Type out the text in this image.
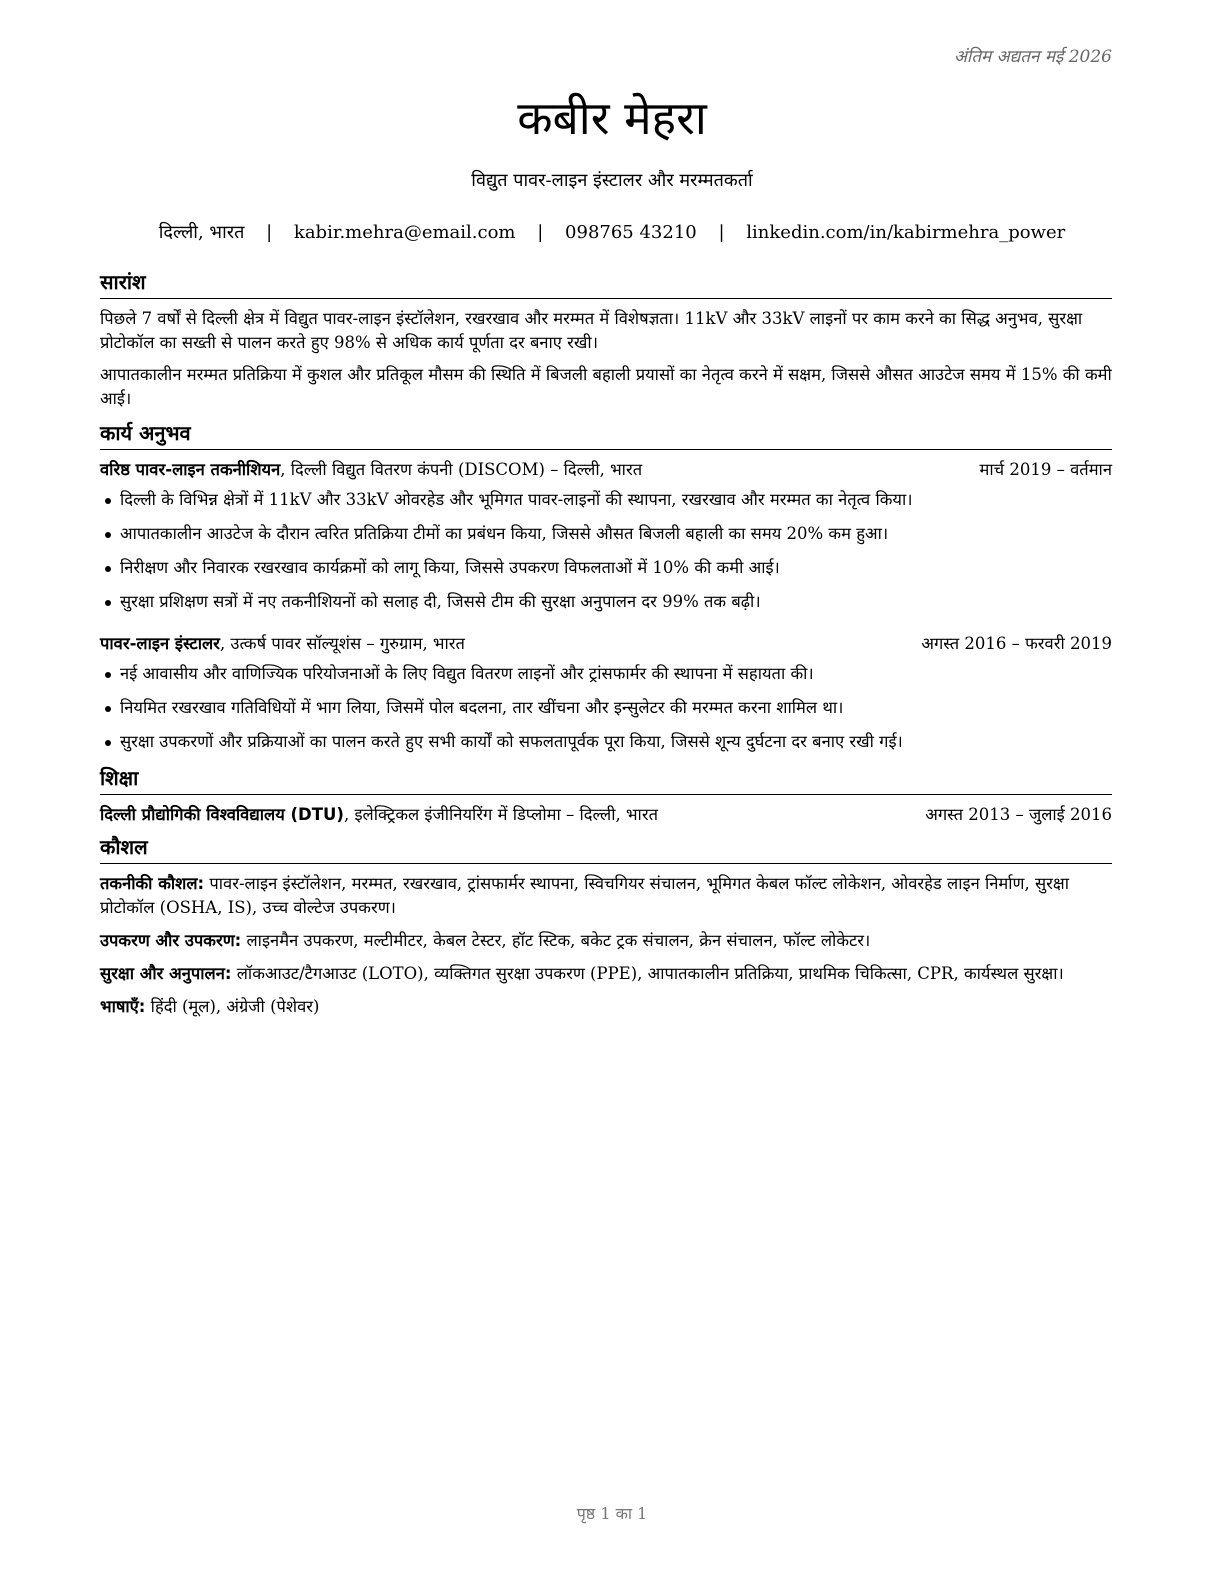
अंतिम अद्यतन मई 2026
कबीर मेहरा
विद्युत पावर-लाइन इंस्टालर और मरम्मतकर्ता
दिल्ली, भारत | kabir.mehra@email.com | 098765 43210 | linkedin.com/in/kabirmehra_power
सारांश

पिछले 7 वर्षों से दिल्ली क्षेत्र में विद्युत पावर-लाइन इंस्टॉलेशन, रखरखाव और मरम्मत में विशेषज्ञता। 11kV और 33kV लाइनों पर काम करने का सिद्ध अनुभव, सुरक्षा प्रोटोकॉल का सख्ती से पालन करते हुए 98% से अधिक कार्य पूर्णता दर बनाए रखी।

आपातकालीन मरम्मत प्रतिक्रिया में कुशल और प्रतिकूल मौसम की स्थिति में बिजली बहाली प्रयासों का नेतृत्व करने में सक्षम, जिससे औसत आउटेज समय में 15% की कमी आई।

कार्य अनुभव
वरिष्ठ पावर-लाइन तकनीशियन, दिल्ली विद्युत वितरण कंपनी (DISCOM) – दिल्ली, भारत	मार्च 2019 – वर्तमान
दिल्ली के विभिन्न क्षेत्रों में 11kV और 33kV ओवरहेड और भूमिगत पावर-लाइनों की स्थापना, रखरखाव और मरम्मत का नेतृत्व किया।
आपातकालीन आउटेज के दौरान त्वरित प्रतिक्रिया टीमों का प्रबंधन किया, जिससे औसत बिजली बहाली का समय 20% कम हुआ।
निरीक्षण और निवारक रखरखाव कार्यक्रमों को लागू किया, जिससे उपकरण विफलताओं में 10% की कमी आई।
सुरक्षा प्रशिक्षण सत्रों में नए तकनीशियनों को सलाह दी, जिससे टीम की सुरक्षा अनुपालन दर 99% तक बढ़ी।
पावर-लाइन इंस्टालर, उत्कर्ष पावर सॉल्यूशंस – गुरुग्राम, भारत	अगस्त 2016 – फरवरी 2019
नई आवासीय और वाणिज्यिक परियोजनाओं के लिए विद्युत वितरण लाइनों और ट्रांसफार्मर की स्थापना में सहायता की।
नियमित रखरखाव गतिविधियों में भाग लिया, जिसमें पोल बदलना, तार खींचना और इन्सुलेटर की मरम्मत करना शामिल था।
सुरक्षा उपकरणों और प्रक्रियाओं का पालन करते हुए सभी कार्यों को सफलतापूर्वक पूरा किया, जिससे शून्य दुर्घटना दर बनाए रखी गई।
शिक्षा
दिल्ली प्रौद्योगिकी विश्वविद्यालय (DTU), इलेक्ट्रिकल इंजीनियरिंग में डिप्लोमा – दिल्ली, भारत	अगस्त 2013 – जुलाई 2016
कौशल

तकनीकी कौशल: पावर-लाइन इंस्टॉलेशन, मरम्मत, रखरखाव, ट्रांसफार्मर स्थापना, स्विचगियर संचालन, भूमिगत केबल फॉल्ट लोकेशन, ओवरहेड लाइन निर्माण, सुरक्षा प्रोटोकॉल (OSHA, IS), उच्च वोल्टेज उपकरण।

उपकरण और उपकरण: लाइनमैन उपकरण, मल्टीमीटर, केबल टेस्टर, हॉट स्टिक, बकेट ट्रक संचालन, क्रेन संचालन, फॉल्ट लोकेटर।

सुरक्षा और अनुपालन: लॉकआउट/टैगआउट (LOTO), व्यक्तिगत सुरक्षा उपकरण (PPE), आपातकालीन प्रतिक्रिया, प्राथमिक चिकित्सा, CPR, कार्यस्थल सुरक्षा।

भाषाएँ: हिंदी (मूल), अंग्रेजी (पेशेवर)

पृष्ठ 1 का 1
